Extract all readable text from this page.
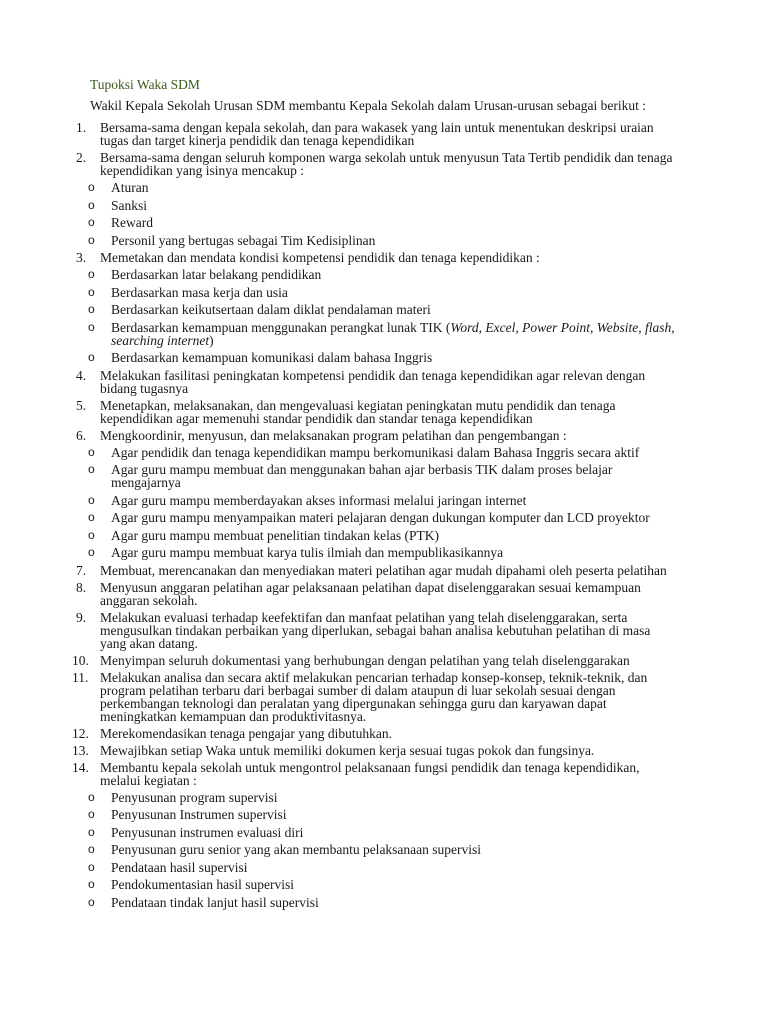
Tupoksi Waka SDM
Wakil Kepala Sekolah Urusan SDM membantu Kepala Sekolah dalam Urusan-urusan sebagai berikut :
1. Bersama-sama dengan kepala sekolah, dan para wakasek yang lain untuk menentukan deskripsi uraian tugas dan target kinerja pendidik dan tenaga kependidikan
2. Bersama-sama dengan seluruh komponen warga sekolah untuk menyusun Tata Tertib pendidik dan tenaga kependidikan yang isinya mencakup :
o Aturan
o Sanksi
o Reward
o Personil yang bertugas sebagai Tim Kedisiplinan
3. Memetakan dan mendata kondisi kompetensi pendidik dan tenaga kependidikan :
o Berdasarkan latar belakang pendidikan
o Berdasarkan masa kerja dan usia
o Berdasarkan keikutsertaan dalam diklat pendalaman materi
o Berdasarkan kemampuan menggunakan perangkat lunak TIK (Word, Excel, Power Point, Website, flash, searching internet)
o Berdasarkan kemampuan komunikasi dalam bahasa Inggris
4. Melakukan fasilitasi peningkatan kompetensi pendidik dan tenaga kependidikan agar relevan dengan bidang tugasnya
5. Menetapkan, melaksanakan, dan mengevaluasi kegiatan peningkatan mutu pendidik dan tenaga kependidikan agar memenuhi standar pendidik dan standar tenaga kependidikan
6. Mengkoordinir, menyusun, dan melaksanakan program pelatihan dan pengembangan :
o Agar pendidik dan tenaga kependidikan mampu berkomunikasi dalam Bahasa Inggris secara aktif
o Agar guru mampu membuat dan menggunakan bahan ajar berbasis TIK dalam proses belajar mengajarnya
o Agar guru mampu memberdayakan akses informasi melalui jaringan internet
o Agar guru mampu menyampaikan materi pelajaran dengan dukungan komputer dan LCD proyektor
o Agar guru mampu membuat penelitian tindakan kelas (PTK)
o Agar guru mampu membuat karya tulis ilmiah dan mempublikasikannya
7. Membuat, merencanakan dan menyediakan materi pelatihan agar mudah dipahami oleh peserta pelatihan
8. Menyusun anggaran pelatihan agar pelaksanaan pelatihan dapat diselenggarakan sesuai kemampuan anggaran sekolah.
9. Melakukan evaluasi terhadap keefektifan dan manfaat pelatihan yang telah diselenggarakan, serta mengusulkan tindakan perbaikan yang diperlukan, sebagai bahan analisa kebutuhan pelatihan di masa yang akan datang.
10. Menyimpan seluruh dokumentasi yang berhubungan dengan pelatihan yang telah diselenggarakan
11. Melakukan analisa dan secara aktif melakukan pencarian terhadap konsep-konsep, teknik-teknik, dan program pelatihan terbaru dari berbagai sumber di dalam ataupun di luar sekolah sesuai dengan perkembangan teknologi dan peralatan yang dipergunakan sehingga guru dan karyawan dapat meningkatkan kemampuan dan produktivitasnya.
12. Merekomendasikan tenaga pengajar yang dibutuhkan.
13. Mewajibkan setiap Waka untuk memiliki dokumen kerja sesuai tugas pokok dan fungsinya.
14. Membantu kepala sekolah untuk mengontrol pelaksanaan fungsi pendidik dan tenaga kependidikan, melalui kegiatan :
o Penyusunan program supervisi
o Penyusunan Instrumen supervisi
o Penyusunan instrumen evaluasi diri
o Penyusunan guru senior yang akan membantu pelaksanaan supervisi
o Pendataan hasil supervisi
o Pendokumentasian hasil supervisi
o Pendataan tindak lanjut hasil supervisi
